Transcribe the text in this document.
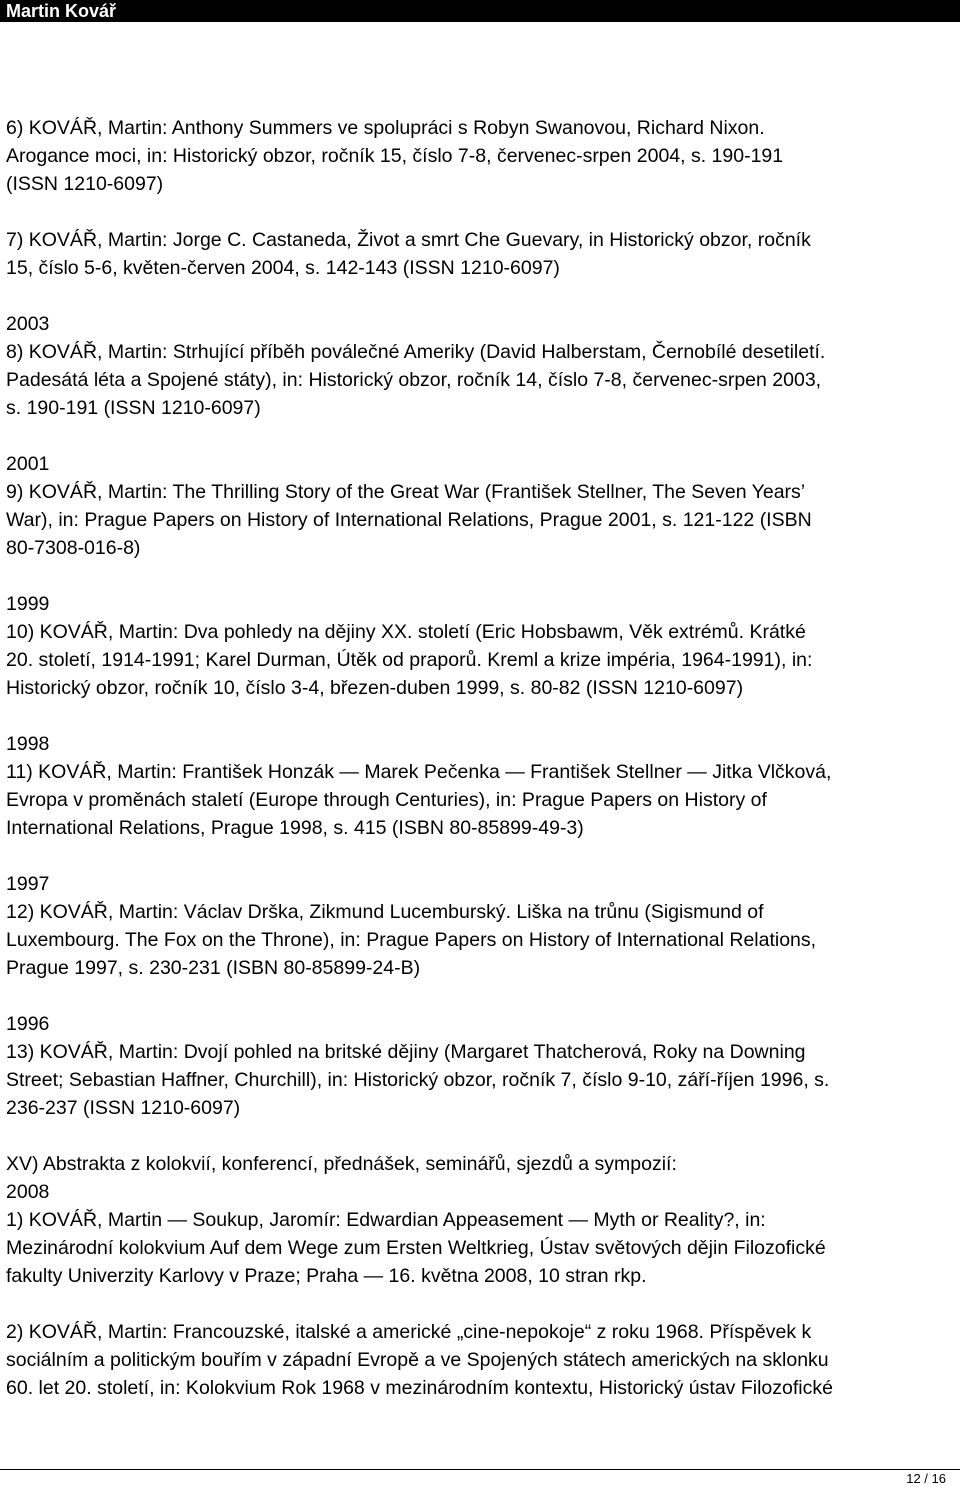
Martin Kovář
6) KOVÁŘ, Martin: Anthony Summers ve spolupráci s Robyn Swanovou, Richard Nixon.
Arogance moci, in: Historický obzor, ročník 15, číslo 7-8, červenec-srpen 2004, s. 190-191
(ISSN 1210-6097)
7) KOVÁŘ, Martin: Jorge C. Castaneda, Život a smrt Che Guevary, in Historický obzor, ročník
15, číslo 5-6, květen-červen 2004, s. 142-143 (ISSN 1210-6097)
2003
8) KOVÁŘ, Martin: Strhující příběh poválečné Ameriky (David Halberstam, Černobílé desetiletí.
Padesátá léta a Spojené státy), in: Historický obzor, ročník 14, číslo 7-8, červenec-srpen 2003,
s. 190-191 (ISSN 1210-6097)
2001
9) KOVÁŘ, Martin: The Thrilling Story of the Great War (František Stellner, The Seven Years’
War), in: Prague Papers on History of International Relations, Prague 2001, s. 121-122 (ISBN
80-7308-016-8)
1999
10) KOVÁŘ, Martin: Dva pohledy na dějiny XX. století (Eric Hobsbawm, Věk extrémů. Krátké
20. století, 1914-1991; Karel Durman, Útěk od praporů. Kreml a krize impéria, 1964-1991), in:
Historický obzor, ročník 10, číslo 3-4, březen-duben 1999, s. 80-82 (ISSN 1210-6097)
1998
11) KOVÁŘ, Martin: František Honzák — Marek Pečenka — František Stellner — Jitka Vlčková,
Evropa v proměnách staletí (Europe through Centuries), in: Prague Papers on History of
International Relations, Prague 1998, s. 415 (ISBN 80-85899-49-3)
1997
12) KOVÁŘ, Martin: Václav Drška, Zikmund Lucemburský. Liška na trůnu (Sigismund of
Luxembourg. The Fox on the Throne), in: Prague Papers on History of International Relations,
Prague 1997, s. 230-231 (ISBN 80-85899-24-B)
1996
13) KOVÁŘ, Martin: Dvojí pohled na britské dějiny (Margaret Thatcherová, Roky na Downing
Street; Sebastian Haffner, Churchill), in: Historický obzor, ročník 7, číslo 9-10, září-říjen 1996, s.
236-237 (ISSN 1210-6097)
XV) Abstrakta z kolokvií, konferencí, přednášek, seminářů, sjezdů a sympozií:
2008
1) KOVÁŘ, Martin — Soukup, Jaromír: Edwardian Appeasement — Myth or Reality?, in:
Mezinárodní kolokvium Auf dem Wege zum Ersten Weltkrieg, Ústav světových dějin Filozofické
fakulty Univerzity Karlovy v Praze; Praha — 16. května 2008, 10 stran rkp.
2) KOVÁŘ, Martin: Francouzské, italské a americké „cine-nepokoje“ z roku 1968. Příspěvek k
sociálním a politickým bouřím v západní Evropě a ve Spojených státech amerických na sklonku
60. let 20. století, in: Kolokvium Rok 1968 v mezinárodním kontextu, Historický ústav Filozofické
12 / 16
